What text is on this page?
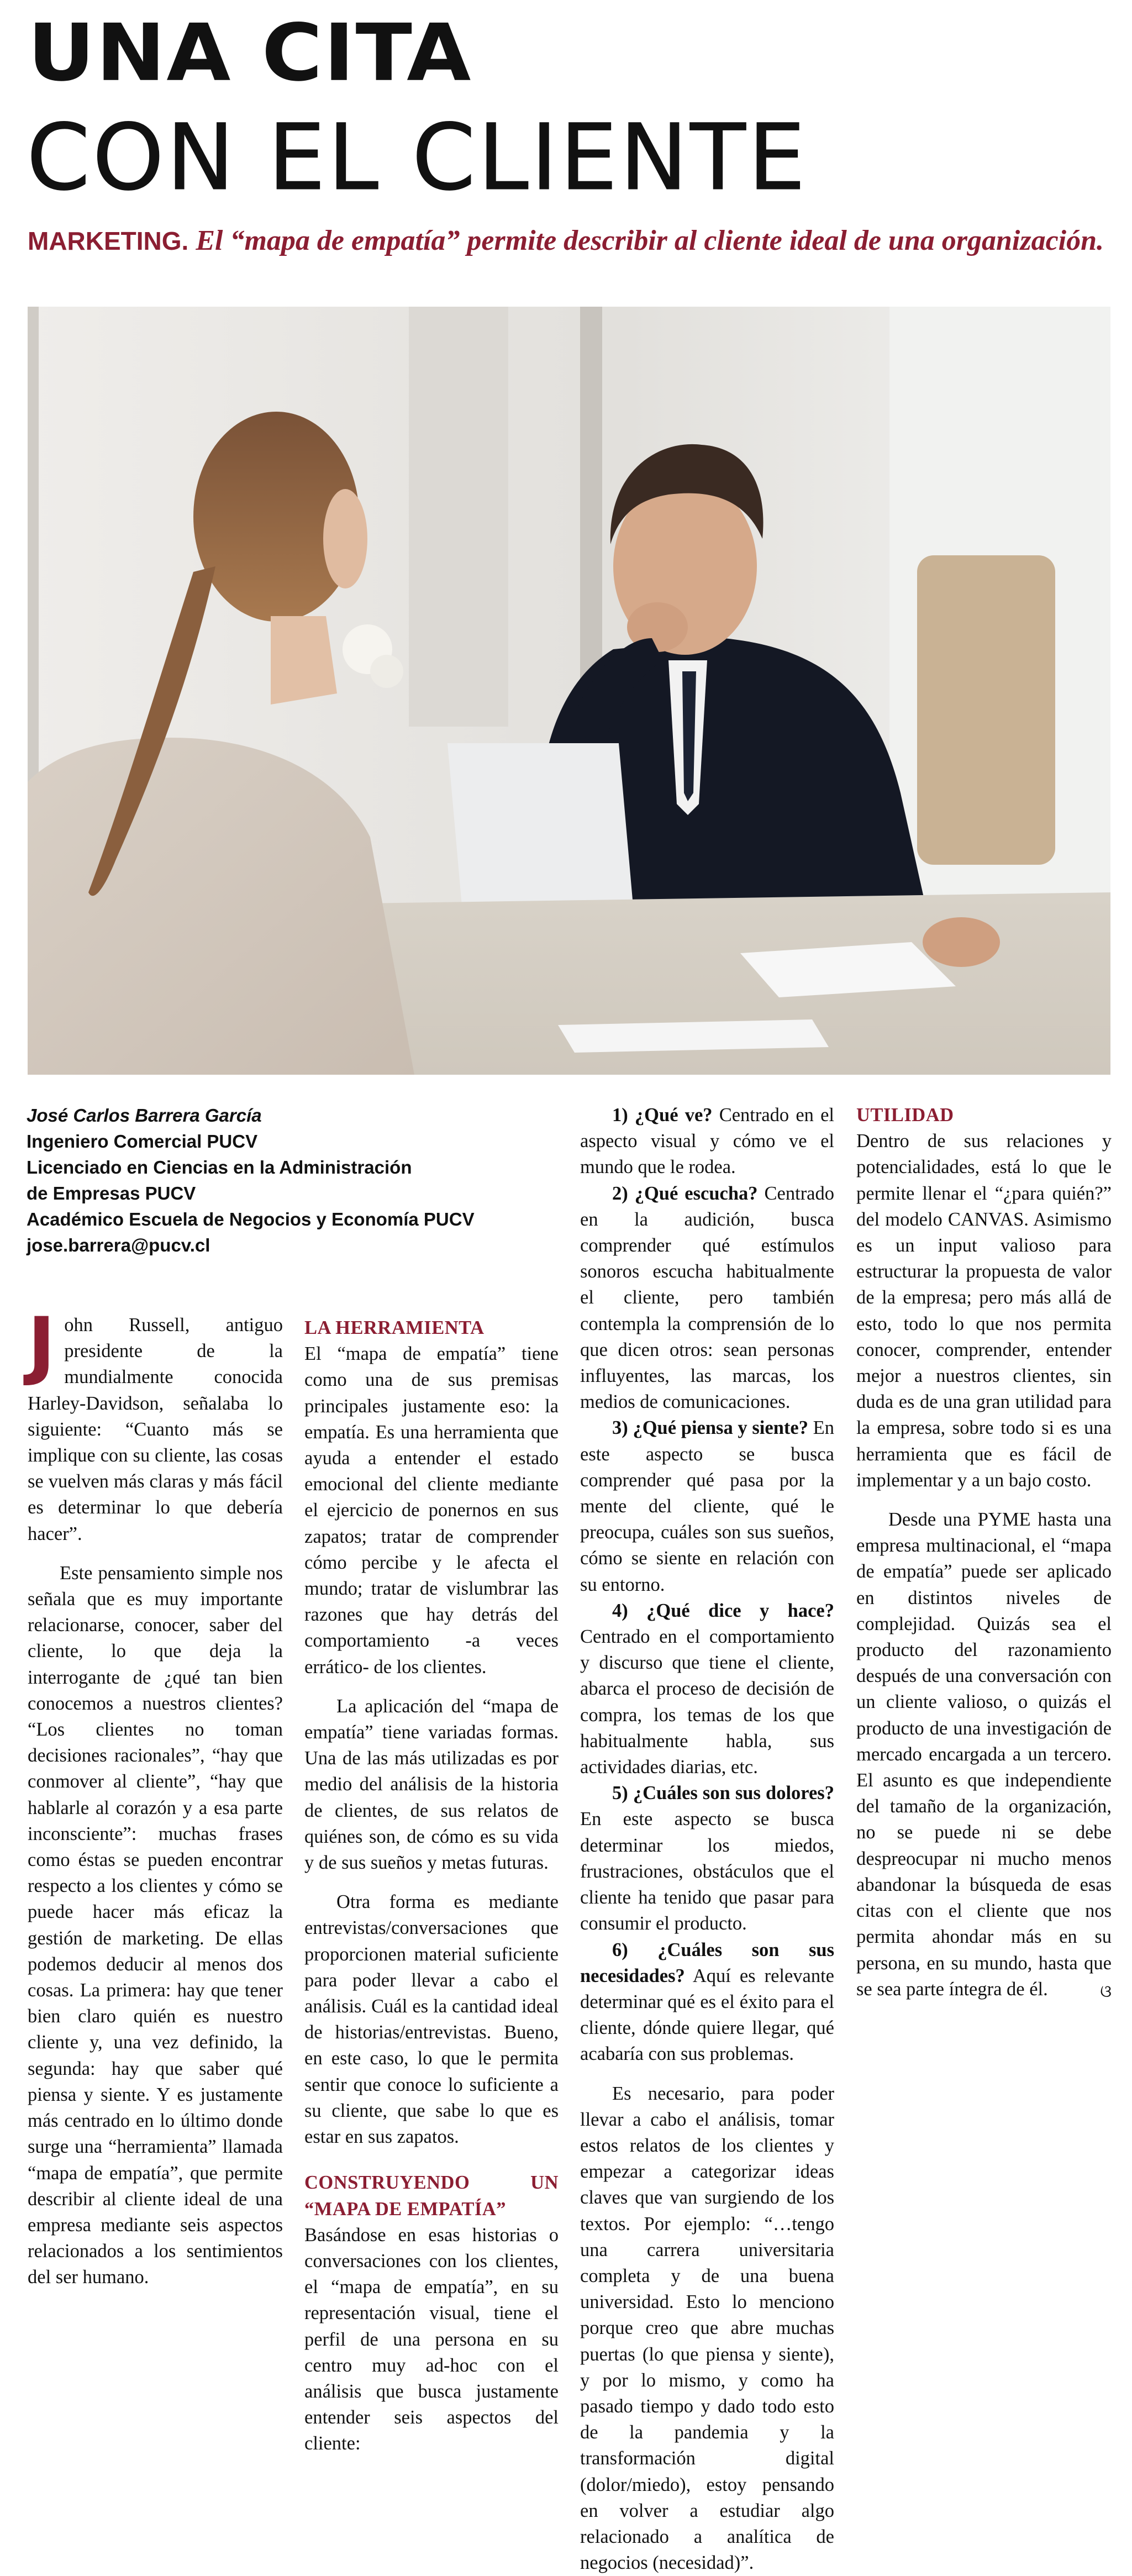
UNA CITA
CON EL CLIENTE
MARKETING. El “mapa de empatía” permite describir al cliente ideal de una organización.
José Carlos Barrera García
Ingeniero Comercial PUCV
Licenciado en Ciencias en la Administración
de Empresas PUCV
Académico Escuela de Negocios y Economía PUCV
jose.barrera@pucv.cl

John Russell, antiguo presidente de la mundialmente conocida Harley-Davidson, señalaba lo siguiente: “Cuanto más se implique con su cliente, las cosas se vuelven más claras y más fácil es determinar lo que debería hacer”.

Este pensamiento simple nos señala que es muy importante relacionarse, conocer, saber del cliente, lo que deja la interrogante de ¿qué tan bien conocemos a nuestros clientes? “Los clientes no toman decisiones racionales”, “hay que conmover al cliente”, “hay que hablarle al corazón y a esa parte inconsciente”: muchas frases como éstas se pueden encontrar respecto a los clientes y cómo se puede hacer más eficaz la gestión de marketing. De ellas podemos deducir al menos dos cosas. La primera: hay que tener bien claro quién es nuestro cliente y, una vez definido, la segunda: hay que saber qué piensa y siente. Y es justamente más centrado en lo último donde surge una “herramienta” llamada “mapa de empatía”, que permite describir al cliente ideal de una empresa mediante seis aspectos relacionados a los sentimientos del ser humano.

LA HERRAMIENTA

El “mapa de empatía” tiene como una de sus premisas principales justamente eso: la empatía. Es una herramienta que ayuda a entender el estado emocional del cliente mediante el ejercicio de ponernos en sus zapatos; tratar de comprender cómo percibe y le afecta el mundo; tratar de vislumbrar las razones que hay detrás del comportamiento -a veces errático- de los clientes.

La aplicación del “mapa de empatía” tiene variadas formas. Una de las más utilizadas es por medio del análisis de la historia de clientes, de sus relatos de quiénes son, de cómo es su vida y de sus sueños y metas futuras.

Otra forma es mediante entrevistas/conversaciones que proporcionen material suficiente para poder llevar a cabo el análisis. Cuál es la cantidad ideal de historias/entrevistas. Bueno, en este caso, lo que le permita sentir que conoce lo suficiente a su cliente, que sabe lo que es estar en sus zapatos.

CONSTRUYENDO UN “MAPA DE EMPATÍA”

Basándose en esas historias o conversaciones con los clientes, el “mapa de empatía”, en su representación visual, tiene el perfil de una persona en su centro muy ad-hoc con el análisis que busca justamente entender seis aspectos del cliente:

1) ¿Qué ve? Centrado en el aspecto visual y cómo ve el mundo que le rodea.

2) ¿Qué escucha? Centrado en la audición, busca comprender qué estímulos sonoros escucha habitualmente el cliente, pero también contempla la comprensión de lo que dicen otros: sean personas influyentes, las marcas, los medios de comunicaciones.

3) ¿Qué piensa y siente? En este aspecto se busca comprender qué pasa por la mente del cliente, qué le preocupa, cuáles son sus sueños, cómo se siente en relación con su entorno.

4) ¿Qué dice y hace? Centrado en el comportamiento y discurso que tiene el cliente, abarca el proceso de decisión de compra, los temas de los que habitualmente habla, sus actividades diarias, etc.

5) ¿Cuáles son sus dolores? En este aspecto se busca determinar los miedos, frustraciones, obstáculos que el cliente ha tenido que pasar para consumir el producto.

6) ¿Cuáles son sus necesidades? Aquí es relevante determinar qué es el éxito para el cliente, dónde quiere llegar, qué acabaría con sus problemas.

Es necesario, para poder llevar a cabo el análisis, tomar estos relatos de los clientes y empezar a categorizar ideas claves que van surgiendo de los textos. Por ejemplo: “…tengo una carrera universitaria completa y de una buena universidad. Esto lo menciono porque creo que abre muchas puertas (lo que piensa y siente), y por lo mismo, y como ha pasado tiempo y dado todo esto de la pandemia y la transformación digital (dolor/miedo), estoy pensando en volver a estudiar algo relacionado a analítica de negocios (necesidad)”.

UTILIDAD

Dentro de sus relaciones y potencialidades, está lo que le permite llenar el “¿para quién?” del modelo CANVAS. Asimismo es un input valioso para estructurar la propuesta de valor de la empresa; pero más allá de esto, todo lo que nos permita conocer, comprender, entender mejor a nuestros clientes, sin duda es de una gran utilidad para la empresa, sobre todo si es una herramienta que es fácil de implementar y a un bajo costo.

Desde una PYME hasta una empresa multinacional, el “mapa de empatía” puede ser aplicado en distintos niveles de complejidad. Quizás sea el producto del razonamiento después de una conversación con un cliente valioso, o quizás el producto de una investigación de mercado encargada a un tercero. El asunto es que independiente del tamaño de la organización, no se puede ni se debe despreocupar ni mucho menos abandonar la búsqueda de esas citas con el cliente que nos permita ahondar más en su persona, en su mundo, hasta que se sea parte íntegra de él.	ଓ
